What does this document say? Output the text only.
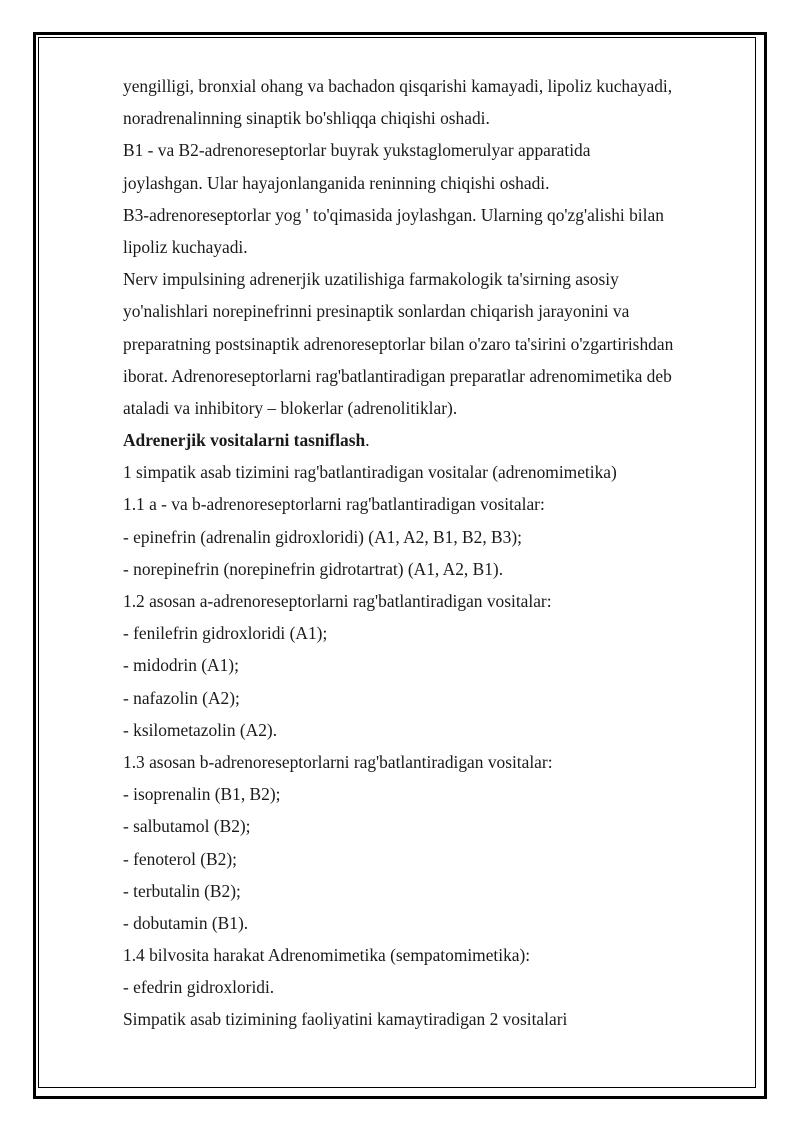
yengilligi, bronxial ohang va bachadon qisqarishi kamayadi, lipoliz kuchayadi,
noradrenalinning sinaptik bo'shliqqa chiqishi oshadi.
B1 - va B2-adrenoreseptorlar buyrak yukstaglomerulyar apparatida
joylashgan. Ular hayajonlanganida reninning chiqishi oshadi.
B3-adrenoreseptorlar yog ' to'qimasida joylashgan. Ularning qo'zg'alishi bilan
lipoliz kuchayadi.
Nerv impulsining adrenerjik uzatilishiga farmakologik ta'sirning asosiy
yo'nalishlari norepinefrinni presinaptik sonlardan chiqarish jarayonini va
preparatning postsinaptik adrenoreseptorlar bilan o'zaro ta'sirini o'zgartirishdan
iborat. Adrenoreseptorlarni rag'batlantiradigan preparatlar adrenomimetika deb
ataladi va inhibitory – blokerlar (adrenolitiklar).
Adrenerjik vositalarni tasniflash.
1 simpatik asab tizimini rag'batlantiradigan vositalar (adrenomimetika)
1.1 a - va b-adrenoreseptorlarni rag'batlantiradigan vositalar:
- epinefrin (adrenalin gidroxloridi) (A1, A2, B1, B2, B3);
- norepinefrin (norepinefrin gidrotartrat) (A1, A2, B1).
1.2 asosan a-adrenoreseptorlarni rag'batlantiradigan vositalar:
- fenilefrin gidroxloridi (A1);
- midodrin (A1);
- nafazolin (A2);
- ksilometazolin (A2).
1.3 asosan b-adrenoreseptorlarni rag'batlantiradigan vositalar:
- isoprenalin (B1, B2);
- salbutamol (B2);
- fenoterol (B2);
- terbutalin (B2);
- dobutamin (B1).
1.4 bilvosita harakat Adrenomimetika (sempatomimetika):
- efedrin gidroxloridi.
Simpatik asab tizimining faoliyatini kamaytiradigan 2 vositalari
